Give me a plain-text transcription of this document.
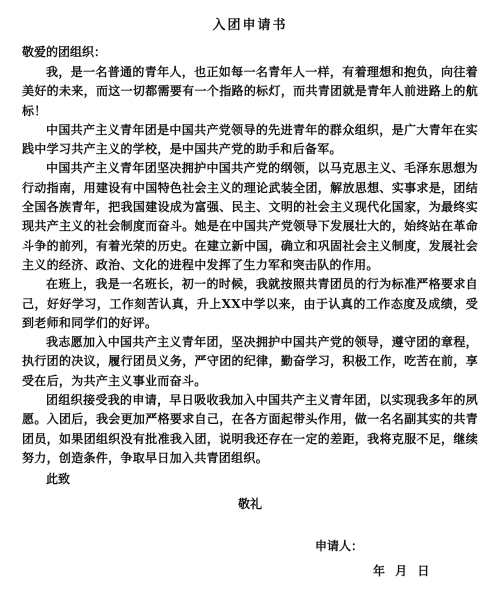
入团申请书
敬爱的团组织：

我，是一名普通的青年人，也正如每一名青年人一样，有着理想和抱负，向往着美好的未来，而这一切都需要有一个指路的标灯，而共青团就是青年人前进路上的航标！

中国共产主义青年团是中国共产党领导的先进青年的群众组织，是广大青年在实践中学习共产主义的学校，是中国共产党的助手和后备军。

中国共产主义青年团坚决拥护中国共产党的纲领，以马克思主义、毛泽东思想为行动指南，用建设有中国特色社会主义的理论武装全团，解放思想、实事求是，团结全国各族青年，把我国建设成为富强、民主、文明的社会主义现代化国家，为最终实现共产主义的社会制度而奋斗。她是在中国共产党领导下发展壮大的，始终站在革命斗争的前列，有着光荣的历史。在建立新中国，确立和巩固社会主义制度，发展社会主义的经济、政治、文化的进程中发挥了生力军和突击队的作用。

在班上，我是一名班长，初一的时候，我就按照共青团员的行为标准严格要求自己，好好学习，工作刻苦认真，升上XX中学以来，由于认真的工作态度及成绩，受到老师和同学们的好评。

我志愿加入中国共产主义青年团，坚决拥护中国共产党的领导，遵守团的章程，执行团的决议，履行团员义务，严守团的纪律，勤奋学习，积极工作，吃苦在前，享受在后，为共产主义事业而奋斗。

团组织接受我的申请，早日吸收我加入中国共产主义青年团，以实现我多年的夙愿。入团后，我会更加严格要求自己，在各方面起带头作用，做一名名副其实的共青团员，如果团组织没有批准我入团，说明我还存在一定的差距，我将克服不足，继续努力，创造条件，争取早日加入共青团组织。

此致
敬礼
申请人：
年 月 日
